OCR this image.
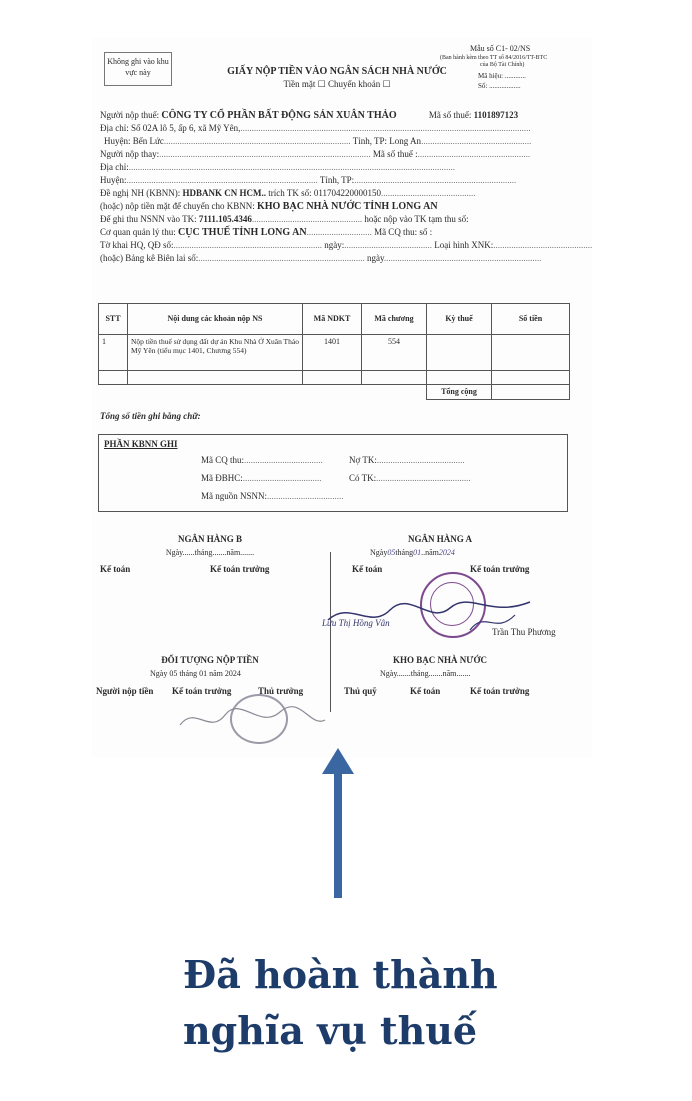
Không ghi vào khu vực này	GIẤY NỘP TIỀN VÀO NGÂN SÁCH NHÀ NƯỚC
Tiền mặt ☐ Chuyển khoản ☐
Mẫu số C1- 02/NS
(Ban hành kèm theo TT số 84/2016/TT-BTC
của Bộ Tài Chính)
Mã hiệu: ............
Số: ..................
Người nộp thuế: CÔNG TY CỔ PHẦN BẤT ĐỘNG SẢN XUÂN THẢO	Mã số thuế: 1101897123
Địa chỉ: Số 02A lô 5, ấp 6, xã Mỹ Yên,.................................................................................................................................
Huyện: Bến Lức................................................................................... Tỉnh, TP: Long An.................................................
Người nộp thay:.............................................................................................. Mã số thuế :..................................................
Địa chỉ:.................................................................................................................................................
Huyện:..................................................................................... Tỉnh, TP:........................................................................
Đề nghị NH (KBNN): HDBANK CN HCM.. trích TK số: 011704220000150..........................................
(hoặc) nộp tiền mặt để chuyển cho KBNN: KHO BẠC NHÀ NƯỚC TỈNH LONG AN
Để ghi thu NSNN vào TK: 7111.105.4346................................................. hoặc nộp vào TK tạm thu số:
Cơ quan quản lý thu: CỤC THUẾ TỈNH LONG AN............................. Mã CQ thu: số :
Tờ khai HQ, QĐ số:.................................................................. ngày:....................................... Loại hình XNK:............................................
(hoặc) Bảng kê Biên lai số:.......................................................................... ngày......................................................................
STT	Nội dung các khoản nộp NS	Mã NDKT	Mã chương	Kỳ thuế	Số tiền
1	Nộp tiền thuế sử dụng đất dự án Khu Nhà Ở Xuân Thảo Mỹ Yên (tiểu mục 1401, Chương 554)	1401	554		

				Tổng cộng	
Tổng số tiền ghi bằng chữ:
PHẦN KBNN GHI
Mã CQ thu:...................................	Nợ TK:.......................................
Mã ĐBHC:...................................	Có TK:..........................................
Mã nguồn NSNN:..................................
NGÂN HÀNG B
Ngày......tháng.......năm.......
Kế toán	Kế toán trưởng
NGÂN HÀNG A
Ngày05tháng01..năm2024
Kế toán	Kế toán trưởng
Lưu Thị Hồng Vân
Trần Thu Phương
ĐỐI TƯỢNG NỘP TIỀN
Ngày 05 tháng 01 năm 2024
Người nộp tiền Kế toán trưởng	Thủ trưởng
KHO BẠC NHÀ NƯỚC
Ngày.......tháng.......năm.......
Thủ quỹ	Kế toán	Kế toán trưởng
Đã hoàn thành
nghĩa vụ thuế
